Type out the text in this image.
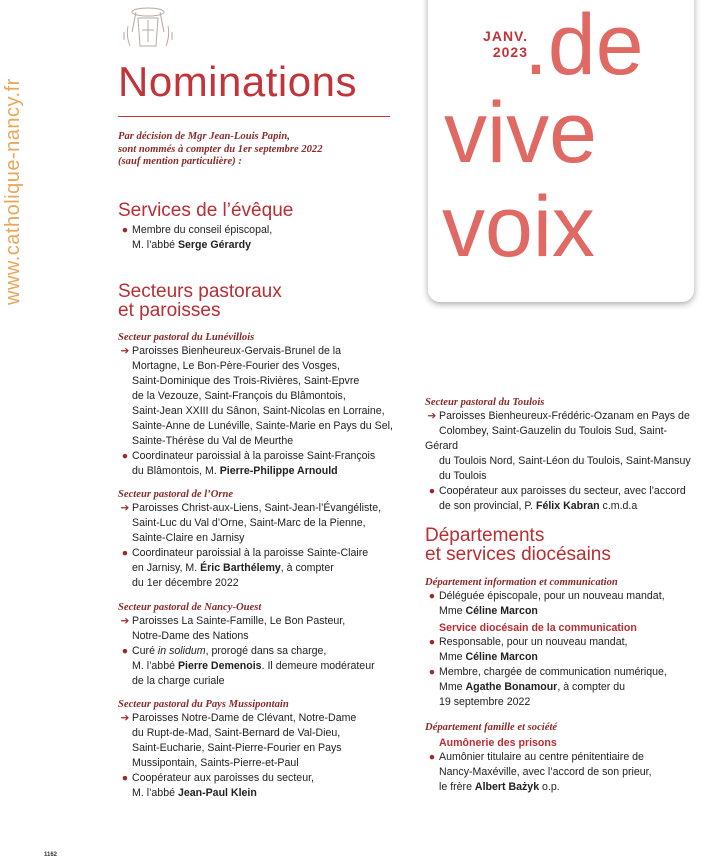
www.catholique-nancy.fr Nominations

Par décision de Mgr Jean-Louis Papin,

sont nommés à compter du 1er septembre 2022

(sauf mention particulière) :

JANV.
2023
.de
vive
voix
Services de l’évêque

● Membre du conseil épiscopal,

M. l’abbé Serge Gérardy

Secteurs pastoraux
et paroisses

Secteur pastoral du Lunévillois

➔ Paroisses Bienheureux-Gervais-Brunel de la

Mortagne, Le Bon-Père-Fourier des Vosges,

Saint-Dominique des Trois-Rivières, Saint-Epvre

de la Vezouze, Saint-François du Blâmontois,

Saint-Jean XXIII du Sânon, Saint-Nicolas en Lorraine,

Sainte-Anne de Lunéville, Sainte-Marie en Pays du Sel,

Sainte-Thérèse du Val de Meurthe

● Coordinateur paroissial à la paroisse Saint-François

du Blâmontois, M. Pierre-Philippe Arnould

Secteur pastoral de l’Orne

➔ Paroisses Christ-aux-Liens, Saint-Jean-l’Évangéliste,

Saint-Luc du Val d’Orne, Saint-Marc de la Pienne,

Sainte-Claire en Jarnisy

● Coordinateur paroissial à la paroisse Sainte-Claire

en Jarnisy, M. Éric Barthélemy, à compter

du 1er décembre 2022

Secteur pastoral de Nancy-Ouest

➔ Paroisses La Sainte-Famille, Le Bon Pasteur,

Notre-Dame des Nations

● Curé in solidum, prorogé dans sa charge,

M. l’abbé Pierre Demenois. Il demeure modérateur

de la charge curiale

Secteur pastoral du Pays Mussipontain

➔ Paroisses Notre-Dame de Clévant, Notre-Dame

du Rupt-de-Mad, Saint-Bernard de Val-Dieu,

Saint-Eucharie, Saint-Pierre-Fourier en Pays

Mussipontain, Saints-Pierre-et-Paul

● Coopérateur aux paroisses du secteur,

M. l’abbé Jean-Paul Klein

Secteur pastoral du Toulois

➔ Paroisses Bienheureux-Frédéric-Ozanam en Pays de

Colombey, Saint-Gauzelin du Toulois Sud, Saint-Gérard

du Toulois Nord, Saint-Léon du Toulois, Saint-Mansuy

du Toulois

● Coopérateur aux paroisses du secteur, avec l’accord

de son provincial, P. Félix Kabran c.m.d.a

Départements
et services diocésains

Département information et communication

● Déléguée épiscopale, pour un nouveau mandat,

Mme Céline Marcon

Service diocésain de la communication

● Responsable, pour un nouveau mandat,

Mme Céline Marcon

● Membre, chargée de communication numérique,

Mme Agathe Bonamour, à compter du

19 septembre 2022

Département famille et société

Aumônerie des prisons

● Aumônier titulaire au centre pénitentiaire de

Nancy-Maxéville, avec l’accord de son prieur,

le frère Albert Bażyk o.p.

1162
